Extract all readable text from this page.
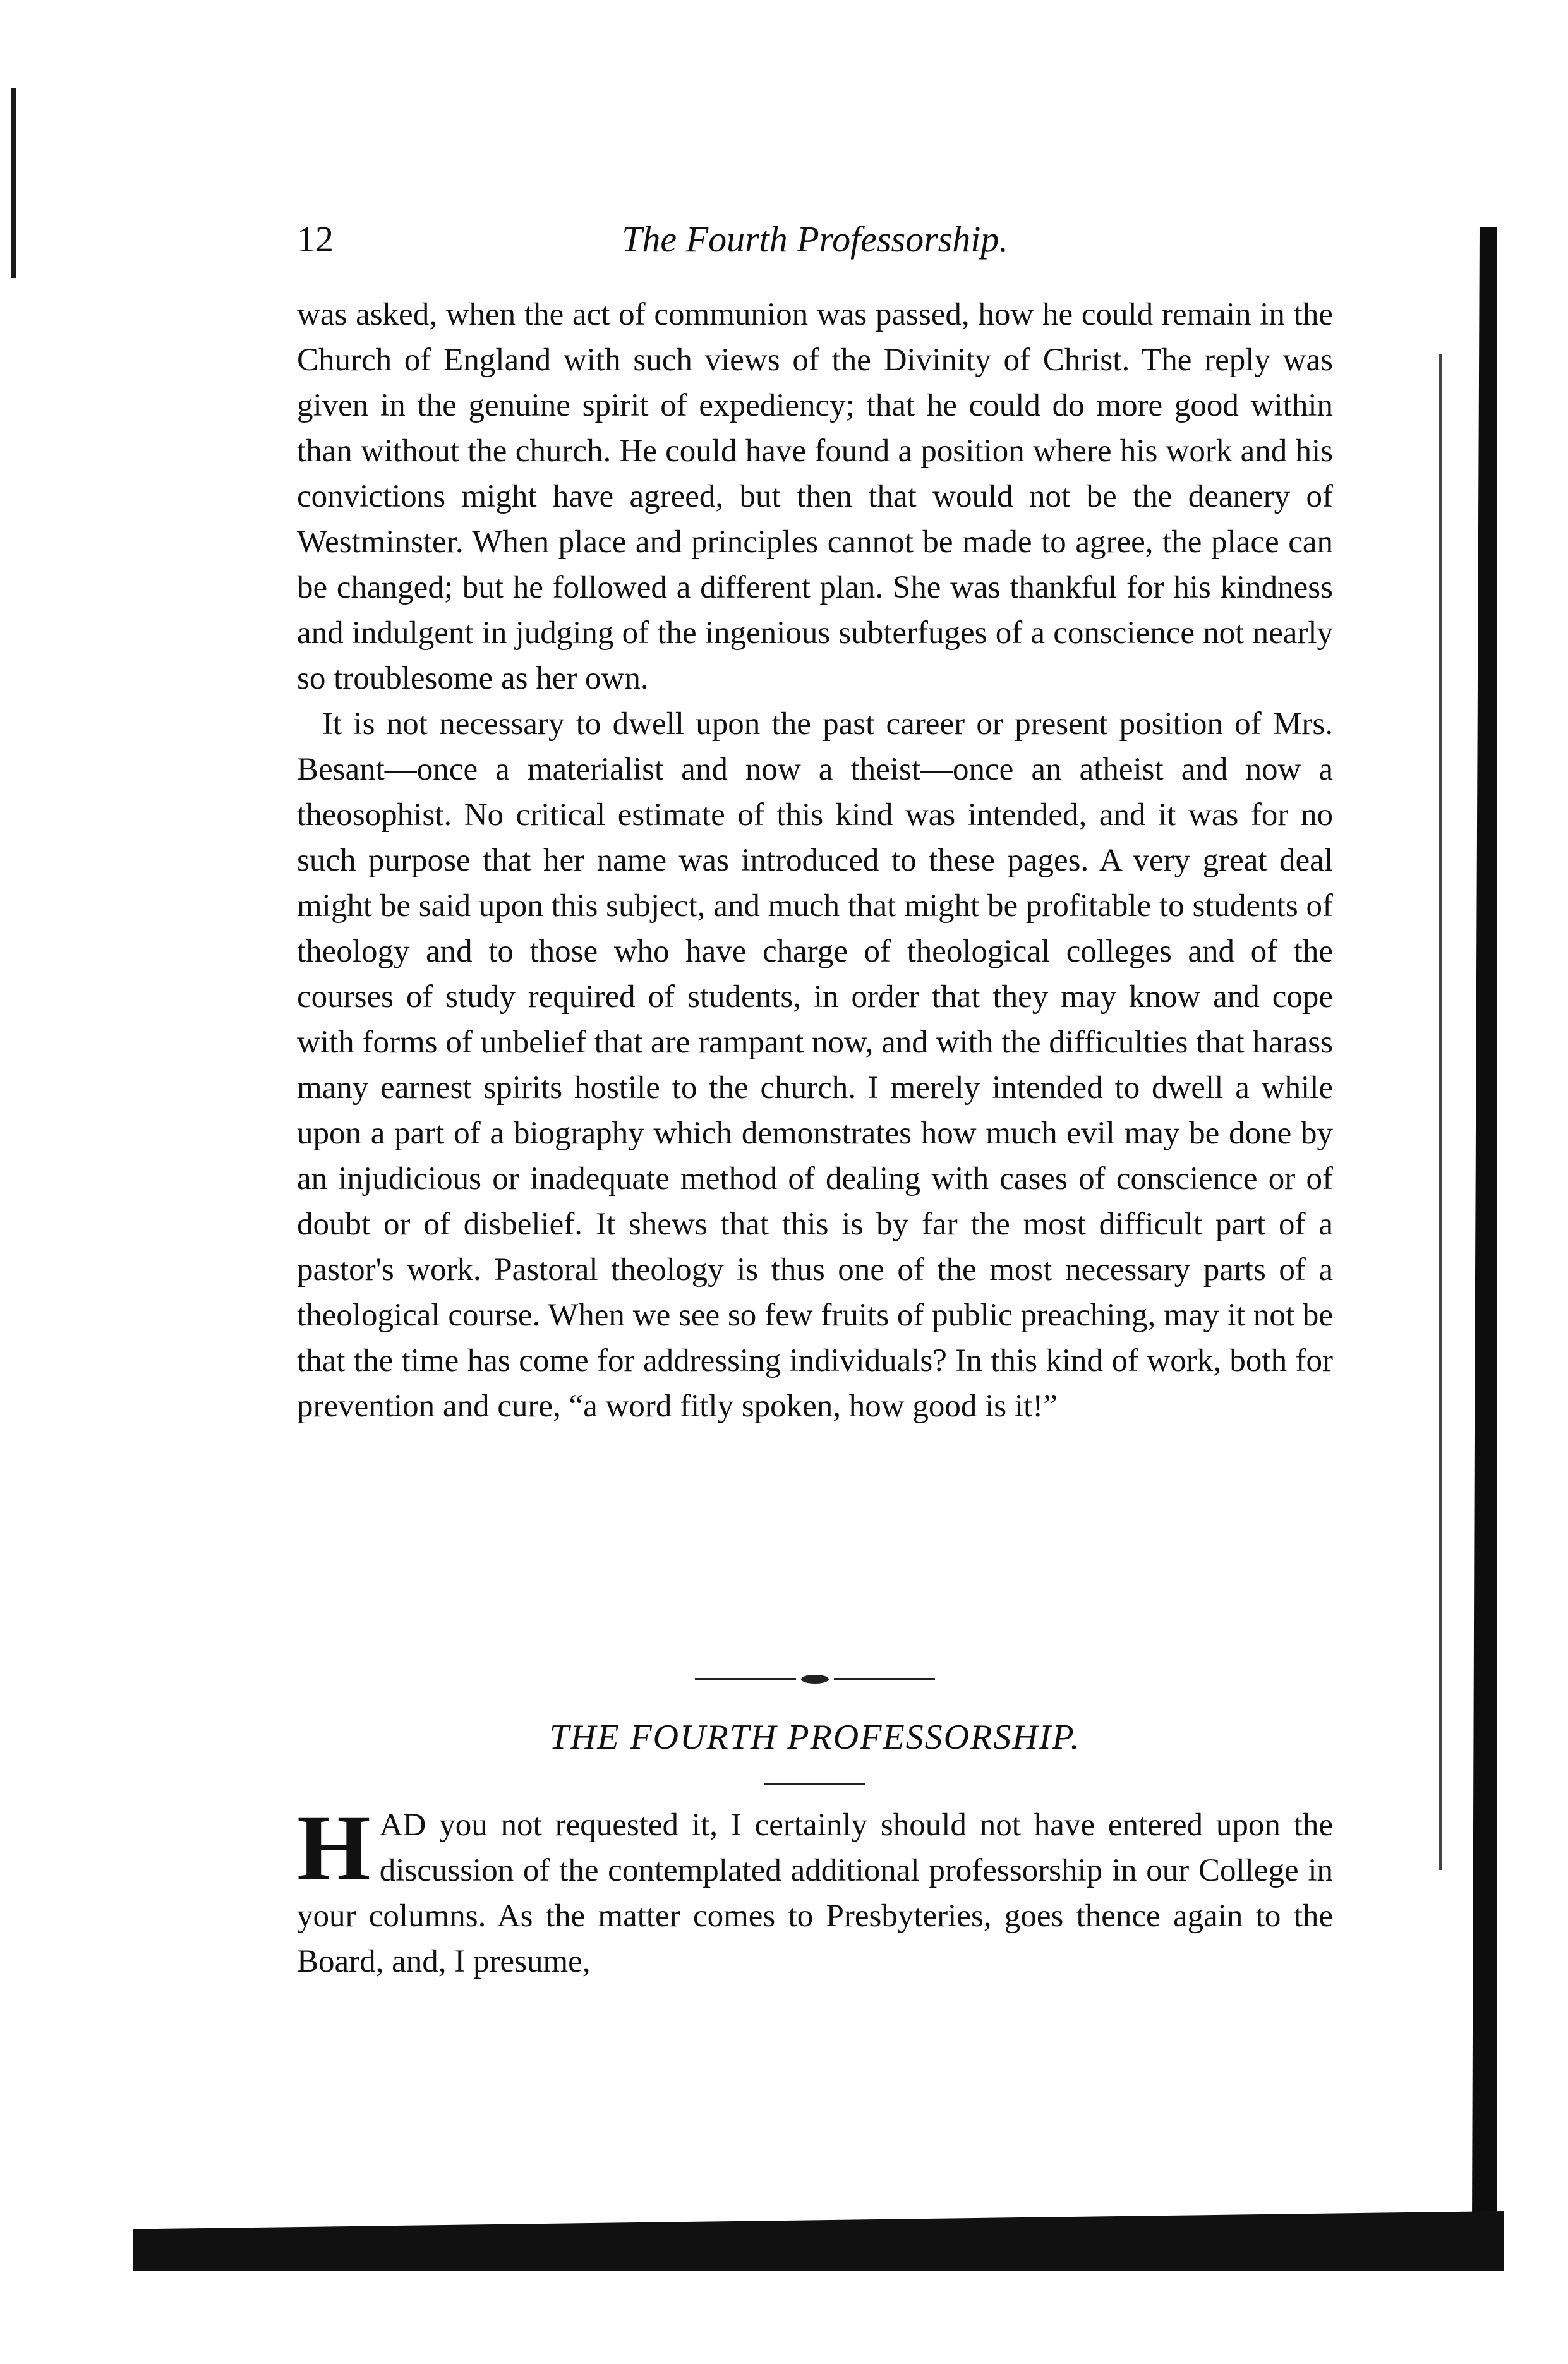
12	The Fourth Professorship.

was asked, when the act of communion was passed, how he could remain in the Church of England with such views of the Divinity of Christ. The reply was given in the genuine spirit of expediency; that he could do more good within than without the church. He could have found a position where his work and his convictions might have agreed, but then that would not be the deanery of Westminster. When place and principles cannot be made to agree, the place can be changed; but he followed a different plan. She was thankful for his kindness and indulgent in judging of the ingenious subterfuges of a conscience not nearly so troublesome as her own.

It is not necessary to dwell upon the past career or present position of Mrs. Besant—once a materialist and now a theist—once an atheist and now a theosophist. No critical estimate of this kind was intended, and it was for no such purpose that her name was introduced to these pages. A very great deal might be said upon this subject, and much that might be profitable to students of theology and to those who have charge of theological colleges and of the courses of study required of students, in order that they may know and cope with forms of unbelief that are rampant now, and with the difficulties that harass many earnest spirits hostile to the church. I merely intended to dwell a while upon a part of a biography which demonstrates how much evil may be done by an injudicious or inadequate method of dealing with cases of conscience or of doubt or of disbelief. It shews that this is by far the most difficult part of a pastor's work. Pastoral theology is thus one of the most necessary parts of a theological course. When we see so few fruits of public preaching, may it not be that the time has come for addressing individuals? In this kind of work, both for prevention and cure, “a word fitly spoken, how good is it!”

THE FOURTH PROFESSORSHIP.

H AD you not requested it, I certainly should not have entered upon the discussion of the contemplated additional professorship in our College in your columns. As the matter comes to Presbyteries, goes thence again to the Board, and, I presume,
